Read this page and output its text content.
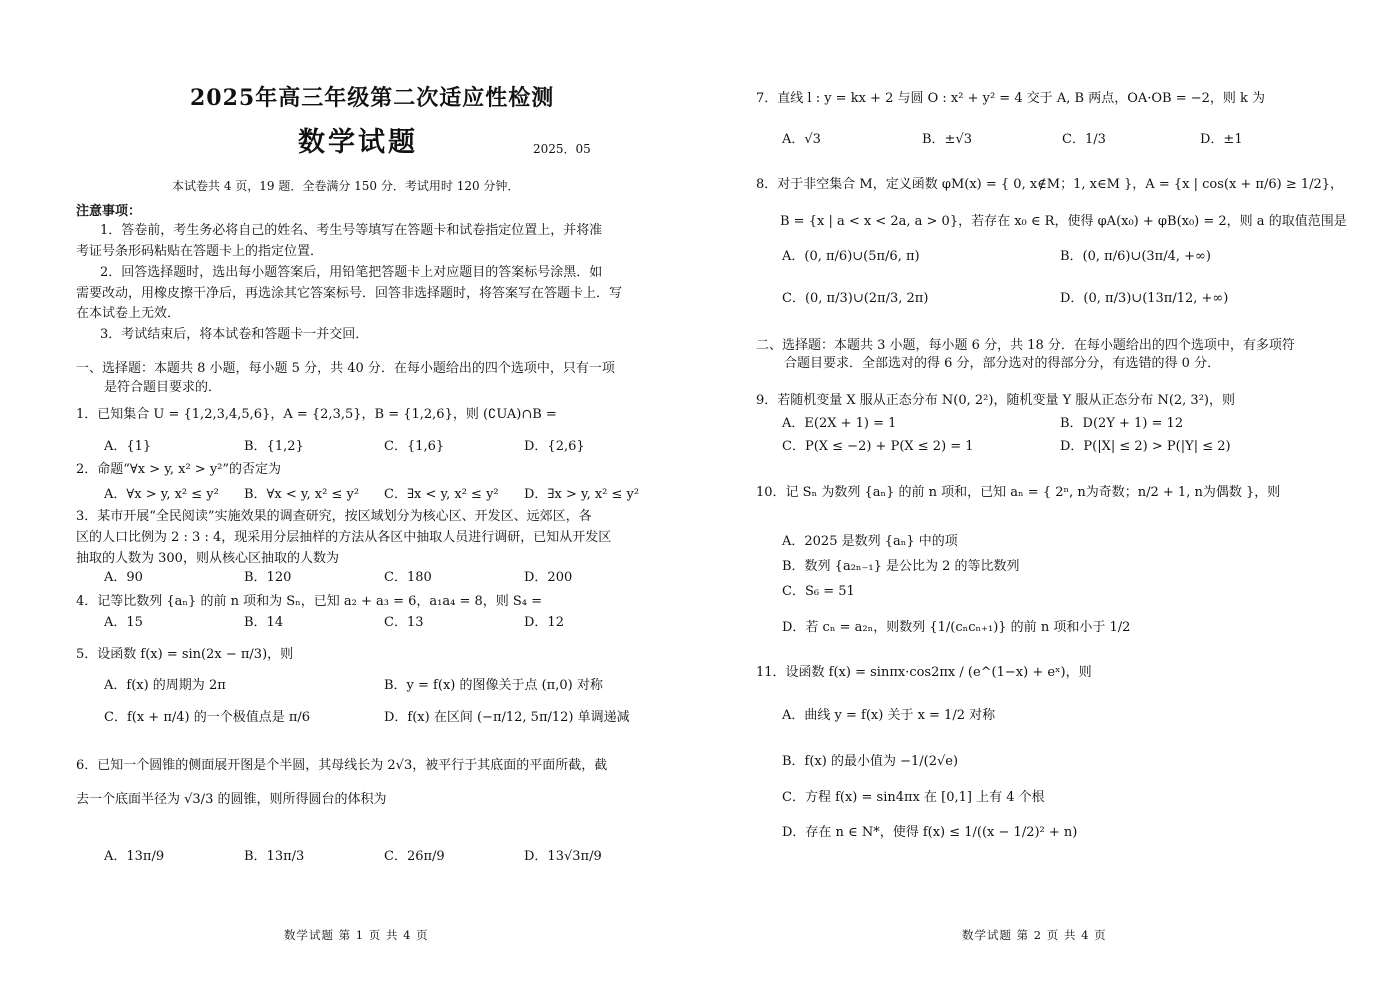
2025年高三年级第二次适应性检测
数学试题	2025．05
本试卷共 4 页，19 题．全卷满分 150 分．考试用时 120 分钟．
注意事项：
1．答卷前，考生务必将自己的姓名、考生号等填写在答题卡和试卷指定位置上，并将准
考证号条形码粘贴在答题卡上的指定位置．
2．回答选择题时，选出每小题答案后，用铅笔把答题卡上对应题目的答案标号涂黑．如
需要改动，用橡皮擦干净后，再选涂其它答案标号．回答非选择题时，将答案写在答题卡上．写
在本试卷上无效．
3．考试结束后，将本试卷和答题卡一并交回．
一、选择题：本题共 8 小题，每小题 5 分，共 40 分．在每小题给出的四个选项中，只有一项
是符合题目要求的．
1．已知集合 U = {1,2,3,4,5,6}，A = {2,3,5}，B = {1,2,6}，则 (∁UA)∩B =
A．{1}	B．{1,2}	C．{1,6}	D．{2,6}
2．命题“∀x > y, x² > y²”的否定为
A．∀x > y, x² ≤ y² B．∀x < y, x² ≤ y² C．∃x < y, x² ≤ y² D．∃x > y, x² ≤ y²
3．某市开展“全民阅读”实施效果的调查研究，按区域划分为核心区、开发区、远郊区，各
区的人口比例为 2 : 3 : 4，现采用分层抽样的方法从各区中抽取人员进行调研，已知从开发区
抽取的人数为 300，则从核心区抽取的人数为
A．90	B．120	C．180	D．200
4．记等比数列 {aₙ} 的前 n 项和为 Sₙ，已知 a₂ + a₃ = 6，a₁a₄ = 8，则 S₄ =
A．15	B．14	C．13	D．12
5．设函数 f(x) = sin(2x − π/3)，则
A．f(x) 的周期为 2π	B．y = f(x) 的图像关于点 (π,0) 对称
C．f(x + π/4) 的一个极值点是 π/6	D．f(x) 在区间 (−π/12, 5π/12) 单调递减
6．已知一个圆锥的侧面展开图是个半圆，其母线长为 2√3，被平行于其底面的平面所截，截
去一个底面半径为 √3/3 的圆锥，则所得圆台的体积为
A．13π/9	B．13π/3	C．26π/9	D．13√3π/9
数学试题 第 1 页 共 4 页
7．直线 l : y = kx + 2 与圆 O : x² + y² = 4 交于 A, B 两点，OA·OB = −2，则 k 为
A．√3	B．±√3	C．1/3	D．±1
8．对于非空集合 M，定义函数 φM(x) = { 0, x∉M；1, x∈M }，A = {x | cos(x + π/6) ≥ 1/2}，
B = {x | a < x < 2a, a > 0}，若存在 x₀ ∈ R，使得 φA(x₀) + φB(x₀) = 2，则 a 的取值范围是
A．(0, π/6)∪(5π/6, π)	B．(0, π/6)∪(3π/4, +∞)
C．(0, π/3)∪(2π/3, 2π)	D．(0, π/3)∪(13π/12, +∞)
二、选择题：本题共 3 小题，每小题 6 分，共 18 分．在每小题给出的四个选项中，有多项符
合题目要求．全部选对的得 6 分，部分选对的得部分分，有选错的得 0 分．
9．若随机变量 X 服从正态分布 N(0, 2²)，随机变量 Y 服从正态分布 N(2, 3²)，则
A．E(2X + 1) = 1	B．D(2Y + 1) = 12
C．P(X ≤ −2) + P(X ≤ 2) = 1	D．P(|X| ≤ 2) > P(|Y| ≤ 2)
10．记 Sₙ 为数列 {aₙ} 的前 n 项和，已知 aₙ = { 2ⁿ, n为奇数；n/2 + 1, n为偶数 }，则
A．2025 是数列 {aₙ} 中的项
B．数列 {a₂ₙ₋₁} 是公比为 2 的等比数列
C．S₆ = 51
D．若 cₙ = a₂ₙ，则数列 {1/(cₙcₙ₊₁)} 的前 n 项和小于 1/2
11．设函数 f(x) = sinπx·cos2πx / (e^(1−x) + eˣ)，则
A．曲线 y = f(x) 关于 x = 1/2 对称
B．f(x) 的最小值为 −1/(2√e)
C．方程 f(x) = sin4πx 在 [0,1] 上有 4 个根
D．存在 n ∈ N*，使得 f(x) ≤ 1/((x − 1/2)² + n)
数学试题 第 2 页 共 4 页
